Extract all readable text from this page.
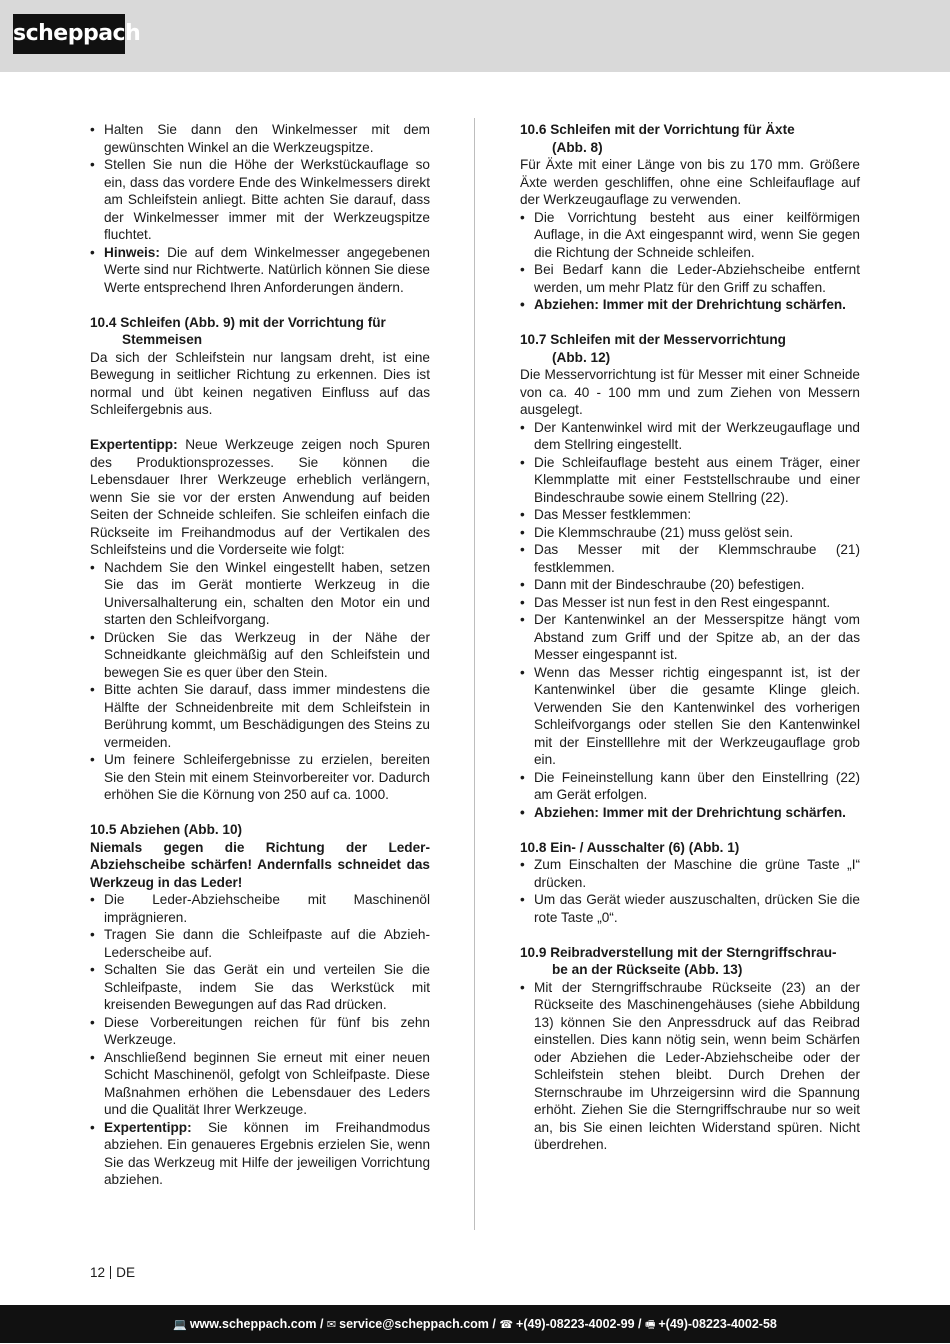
scheppach
• Halten Sie dann den Winkelmesser mit dem gewünschten Winkel an die Werkzeugspitze.
• Stellen Sie nun die Höhe der Werkstückauflage so ein, dass das vordere Ende des Winkelmessers direkt am Schleifstein anliegt. Bitte achten Sie darauf, dass der Winkelmesser immer mit der Werkzeugspitze fluchtet.
• Hinweis: Die auf dem Winkelmesser angegebenen Werte sind nur Richtwerte. Natürlich können Sie diese Werte entsprechend Ihren Anforderungen ändern.

10.4 Schleifen (Abb. 9) mit der Vorrichtung für
Stemmeisen

Da sich der Schleifstein nur langsam dreht, ist eine Bewegung in seitlicher Richtung zu erkennen. Dies ist normal und übt keinen negativen Einfluss auf das Schleifergebnis aus.

Expertentipp: Neue Werkzeuge zeigen noch Spuren des Produktionsprozesses. Sie können die Lebensdauer Ihrer Werkzeuge erheblich verlängern, wenn Sie sie vor der ersten Anwendung auf beiden Seiten der Schneide schleifen. Sie schleifen einfach die Rückseite im Freihandmodus auf der Vertikalen des Schleifsteins und die Vorderseite wie folgt:

• Nachdem Sie den Winkel eingestellt haben, setzen Sie das im Gerät montierte Werkzeug in die Universalhalterung ein, schalten den Motor ein und starten den Schleifvorgang.
• Drücken Sie das Werkzeug in der Nähe der Schneidkante gleichmäßig auf den Schleifstein und bewegen Sie es quer über den Stein.
• Bitte achten Sie darauf, dass immer mindestens die Hälfte der Schneidenbreite mit dem Schleifstein in Berührung kommt, um Beschädigungen des Steins zu vermeiden.
• Um feinere Schleifergebnisse zu erzielen, bereiten Sie den Stein mit einem Steinvorbereiter vor. Dadurch erhöhen Sie die Körnung von 250 auf ca. 1000.

10.5 Abziehen (Abb. 10)

Niemals gegen die Richtung der Leder-Abziehscheibe schärfen! Andernfalls schneidet das Werkzeug in das Leder!

• Die Leder-Abziehscheibe mit Maschinenöl imprägnieren.
• Tragen Sie dann die Schleifpaste auf die Abzieh-Lederscheibe auf.
• Schalten Sie das Gerät ein und verteilen Sie die Schleifpaste, indem Sie das Werkstück mit kreisenden Bewegungen auf das Rad drücken.
• Diese Vorbereitungen reichen für fünf bis zehn Werkzeuge.
• Anschließend beginnen Sie erneut mit einer neuen Schicht Maschinenöl, gefolgt von Schleifpaste. Diese Maßnahmen erhöhen die Lebensdauer des Leders und die Qualität Ihrer Werkzeuge.
• Expertentipp: Sie können im Freihandmodus abziehen. Ein genaueres Ergebnis erzielen Sie, wenn Sie das Werkzeug mit Hilfe der jeweiligen Vorrichtung abziehen.

10.6 Schleifen mit der Vorrichtung für Äxte
(Abb. 8)

Für Äxte mit einer Länge von bis zu 170 mm. Größere Äxte werden geschliffen, ohne eine Schleifauflage auf der Werkzeugauflage zu verwenden.

• Die Vorrichtung besteht aus einer keilförmigen Auflage, in die Axt eingespannt wird, wenn Sie gegen die Richtung der Schneide schleifen.
• Bei Bedarf kann die Leder-Abziehscheibe entfernt werden, um mehr Platz für den Griff zu schaffen.
• Abziehen: Immer mit der Drehrichtung schärfen.

10.7 Schleifen mit der Messervorrichtung
(Abb. 12)

Die Messervorrichtung ist für Messer mit einer Schneide von ca. 40 - 100 mm und zum Ziehen von Messern ausgelegt.

• Der Kantenwinkel wird mit der Werkzeugauflage und dem Stellring eingestellt.
• Die Schleifauflage besteht aus einem Träger, einer Klemmplatte mit einer Feststellschraube und einer Bindeschraube sowie einem Stellring (22).
• Das Messer festklemmen:
• Die Klemmschraube (21) muss gelöst sein.
• Das Messer mit der Klemmschraube (21) festklemmen.
• Dann mit der Bindeschraube (20) befestigen.
• Das Messer ist nun fest in den Rest eingespannt.
• Der Kantenwinkel an der Messerspitze hängt vom Abstand zum Griff und der Spitze ab, an der das Messer eingespannt ist.
• Wenn das Messer richtig eingespannt ist, ist der Kantenwinkel über die gesamte Klinge gleich. Verwenden Sie den Kantenwinkel des vorherigen Schleifvorgangs oder stellen Sie den Kantenwinkel mit der Einstelllehre mit der Werkzeugauflage grob ein.
• Die Feineinstellung kann über den Einstellring (22) am Gerät erfolgen.
• Abziehen: Immer mit der Drehrichtung schärfen.

10.8 Ein- / Ausschalter (6) (Abb. 1)

• Zum Einschalten der Maschine die grüne Taste „I“ drücken.
• Um das Gerät wieder auszuschalten, drücken Sie die rote Taste „0“.

10.9 Reibradverstellung mit der Sterngriffschrau-
be an der Rückseite (Abb. 13)

• Mit der Sterngriffschraube Rückseite (23) an der Rückseite des Maschinengehäuses (siehe Abbildung 13) können Sie den Anpressdruck auf das Reibrad einstellen. Dies kann nötig sein, wenn beim Schärfen oder Abziehen die Leder-Abziehscheibe oder der Schleifstein stehen bleibt. Durch Drehen der Sternschraube im Uhrzeigersinn wird die Spannung erhöht. Ziehen Sie die Sterngriffschraube nur so weit an, bis Sie einen leichten Widerstand spüren. Nicht überdrehen.
12 DE
💻 www.scheppach.com / ✉ service@scheppach.com / ☎ +(49)-08223-4002-99 / 🖷 +(49)-08223-4002-58
